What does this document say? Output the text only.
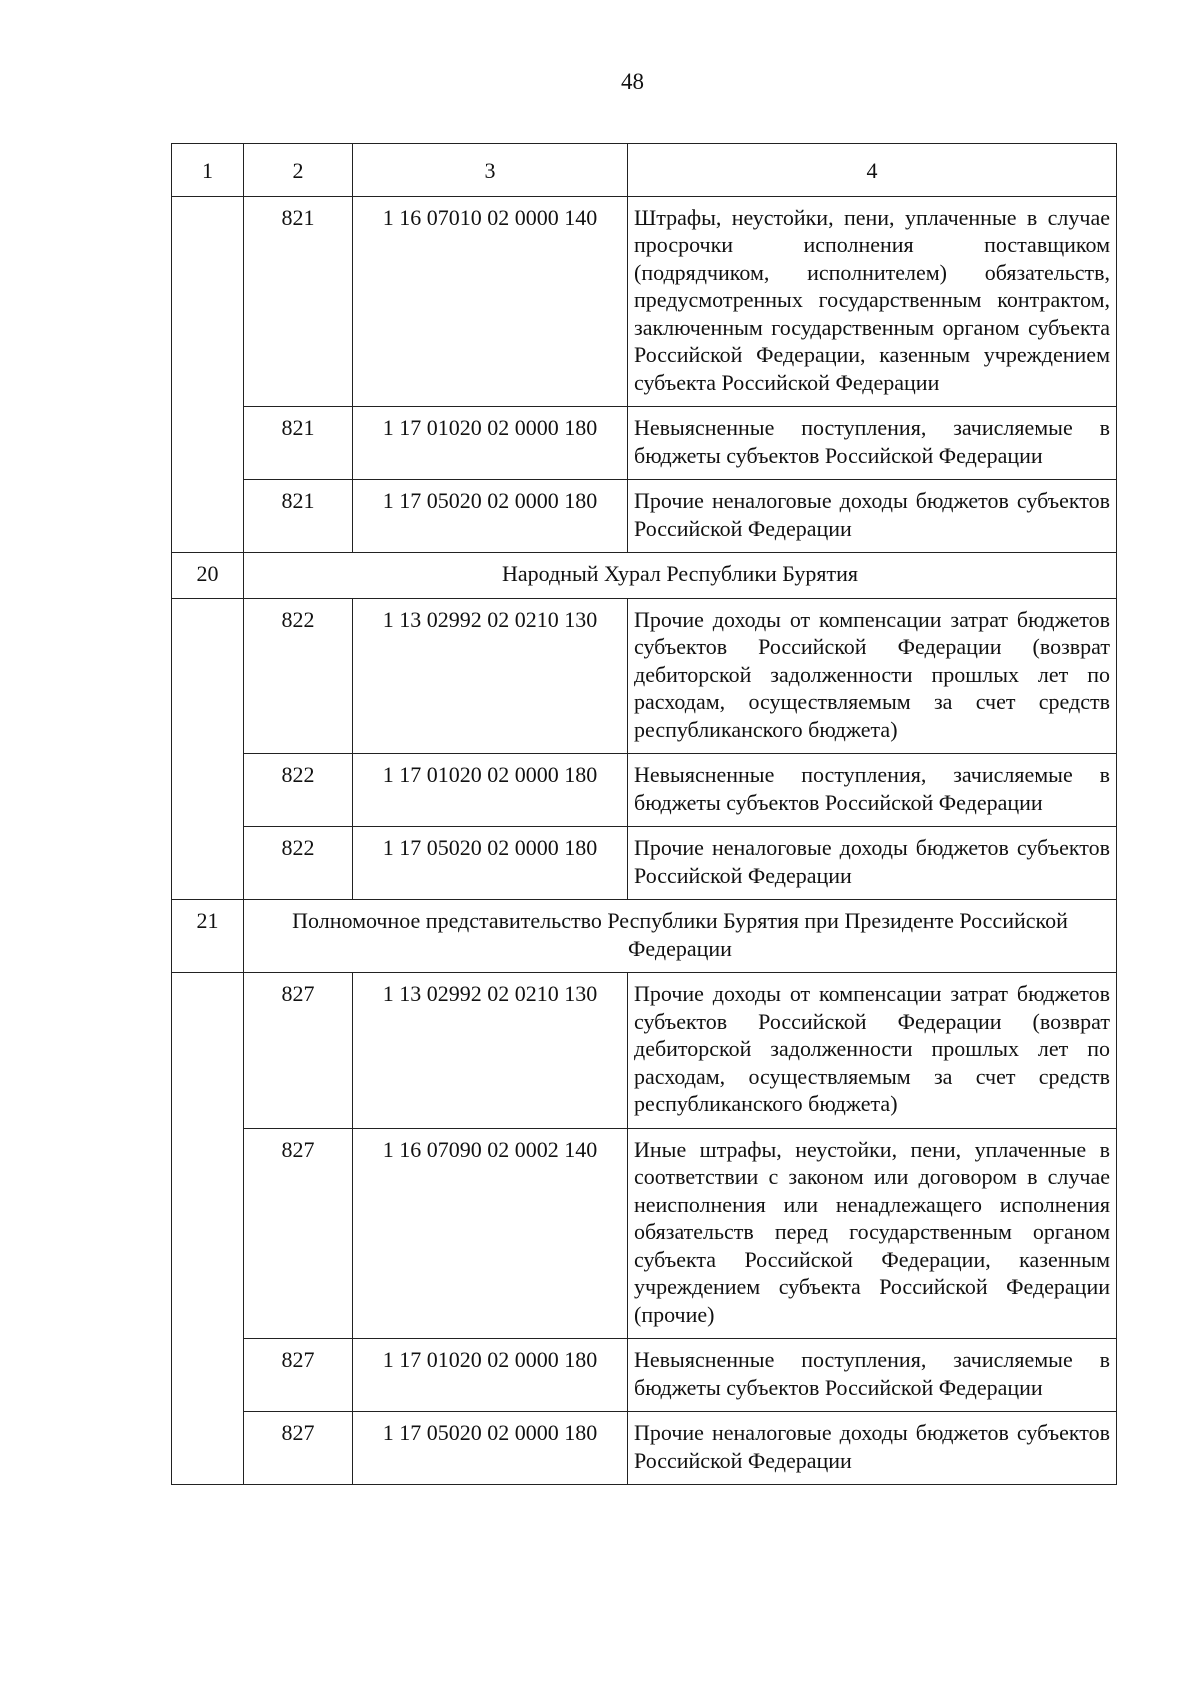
48
1	2	3	4
	821	1 16 07010 02 0000 140	Штрафы, неустойки, пени, уплаченные в случае просрочки исполнения поставщиком (подрядчиком, исполнителем) обязательств, предусмотренных государственным контрактом, заключенным государственным органом субъекта Российской Федерации, казенным учреждением субъекта Российской Федерации
	821	1 17 01020 02 0000 180	Невыясненные поступления, зачисляемые в бюджеты субъектов Российской Федерации
	821	1 17 05020 02 0000 180	Прочие неналоговые доходы бюджетов субъектов Российской Федерации
20	Народный Хурал Республики Бурятия		
	822	1 13 02992 02 0210 130	Прочие доходы от компенсации затрат бюджетов субъектов Российской Федерации (возврат дебиторской задолженности прошлых лет по расходам, осуществляемым за счет средств республиканского бюджета)
	822	1 17 01020 02 0000 180	Невыясненные поступления, зачисляемые в бюджеты субъектов Российской Федерации
	822	1 17 05020 02 0000 180	Прочие неналоговые доходы бюджетов субъектов Российской Федерации
21	Полномочное представительство Республики Бурятия при Президенте Российской Федерации		
	827	1 13 02992 02 0210 130	Прочие доходы от компенсации затрат бюджетов субъектов Российской Федерации (возврат дебиторской задолженности прошлых лет по расходам, осуществляемым за счет средств республиканского бюджета)
	827	1 16 07090 02 0002 140	Иные штрафы, неустойки, пени, уплаченные в соответствии с законом или договором в случае неисполнения или ненадлежащего исполнения обязательств перед государственным органом субъекта Российской Федерации, казенным учреждением субъекта Российской Федерации (прочие)
	827	1 17 01020 02 0000 180	Невыясненные поступления, зачисляемые в бюджеты субъектов Российской Федерации
	827	1 17 05020 02 0000 180	Прочие неналоговые доходы бюджетов субъектов Российской Федерации
